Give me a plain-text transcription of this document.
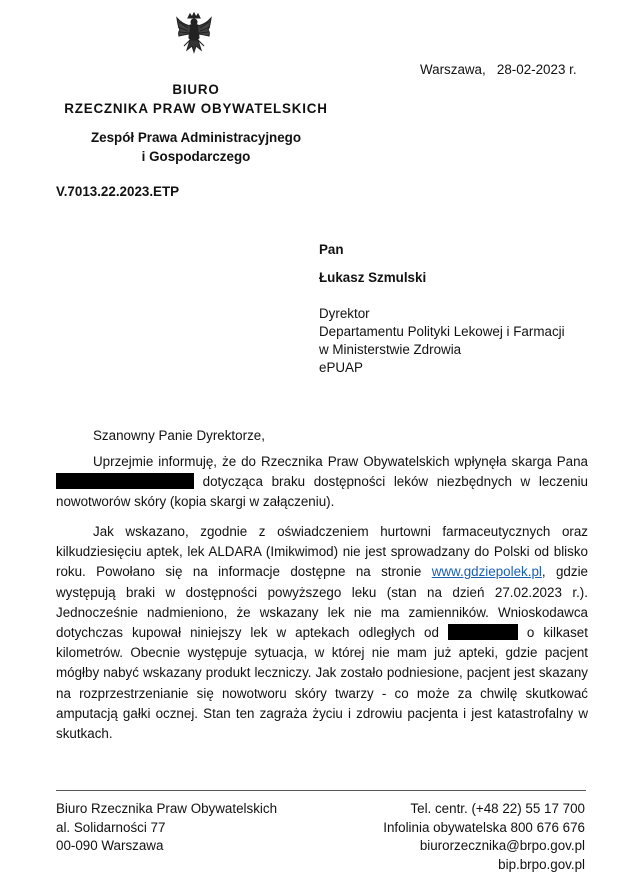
BIURO
RZECZNIKA PRAW OBYWATELSKICH
Zespół Prawa Administracyjnego
i Gospodarczego
V.7013.22.2023.ETP
Warszawa, 28-02-2023 r.
Pan
Łukasz Szmulski
Dyrektor
Departamentu Polityki Lekowej i Farmacji
w Ministerstwie Zdrowia
ePUAP
Szanowny Panie Dyrektorze,
Uprzejmie informuję, że do Rzecznika Praw Obywatelskich wpłynęła skarga Pana  dotycząca braku dostępności leków niezbędnych w leczeniu nowotworów skóry (kopia skargi w załączeniu).
Jak wskazano, zgodnie z oświadczeniem hurtowni farmaceutycznych oraz kilkudziesięciu aptek, lek ALDARA (Imikwimod) nie jest sprowadzany do Polski od blisko roku. Powołano się na informacje dostępne na stronie www.gdziepolek.pl, gdzie występują braki w dostępności powyższego leku (stan na dzień 27.02.2023 r.). Jednocześnie nadmieniono, że wskazany lek nie ma zamienników. Wnioskodawca dotychczas kupował niniejszy lek w aptekach odległych od	o kilkaset kilometrów. Obecnie występuje sytuacja, w której nie mam już apteki, gdzie pacjent mógłby nabyć wskazany produkt leczniczy. Jak zostało podniesione, pacjent jest skazany na rozprzestrzenianie się nowotworu skóry twarzy - co może za chwilę skutkować amputacją gałki ocznej. Stan ten zagraża życiu i zdrowiu pacjenta i jest katastrofalny w skutkach.
Biuro Rzecznika Praw Obywatelskich
al. Solidarności 77
00-090 Warszawa
Tel. centr. (+48 22) 55 17 700
Infolinia obywatelska 800 676 676
biurorzecznika@brpo.gov.pl
bip.brpo.gov.pl
